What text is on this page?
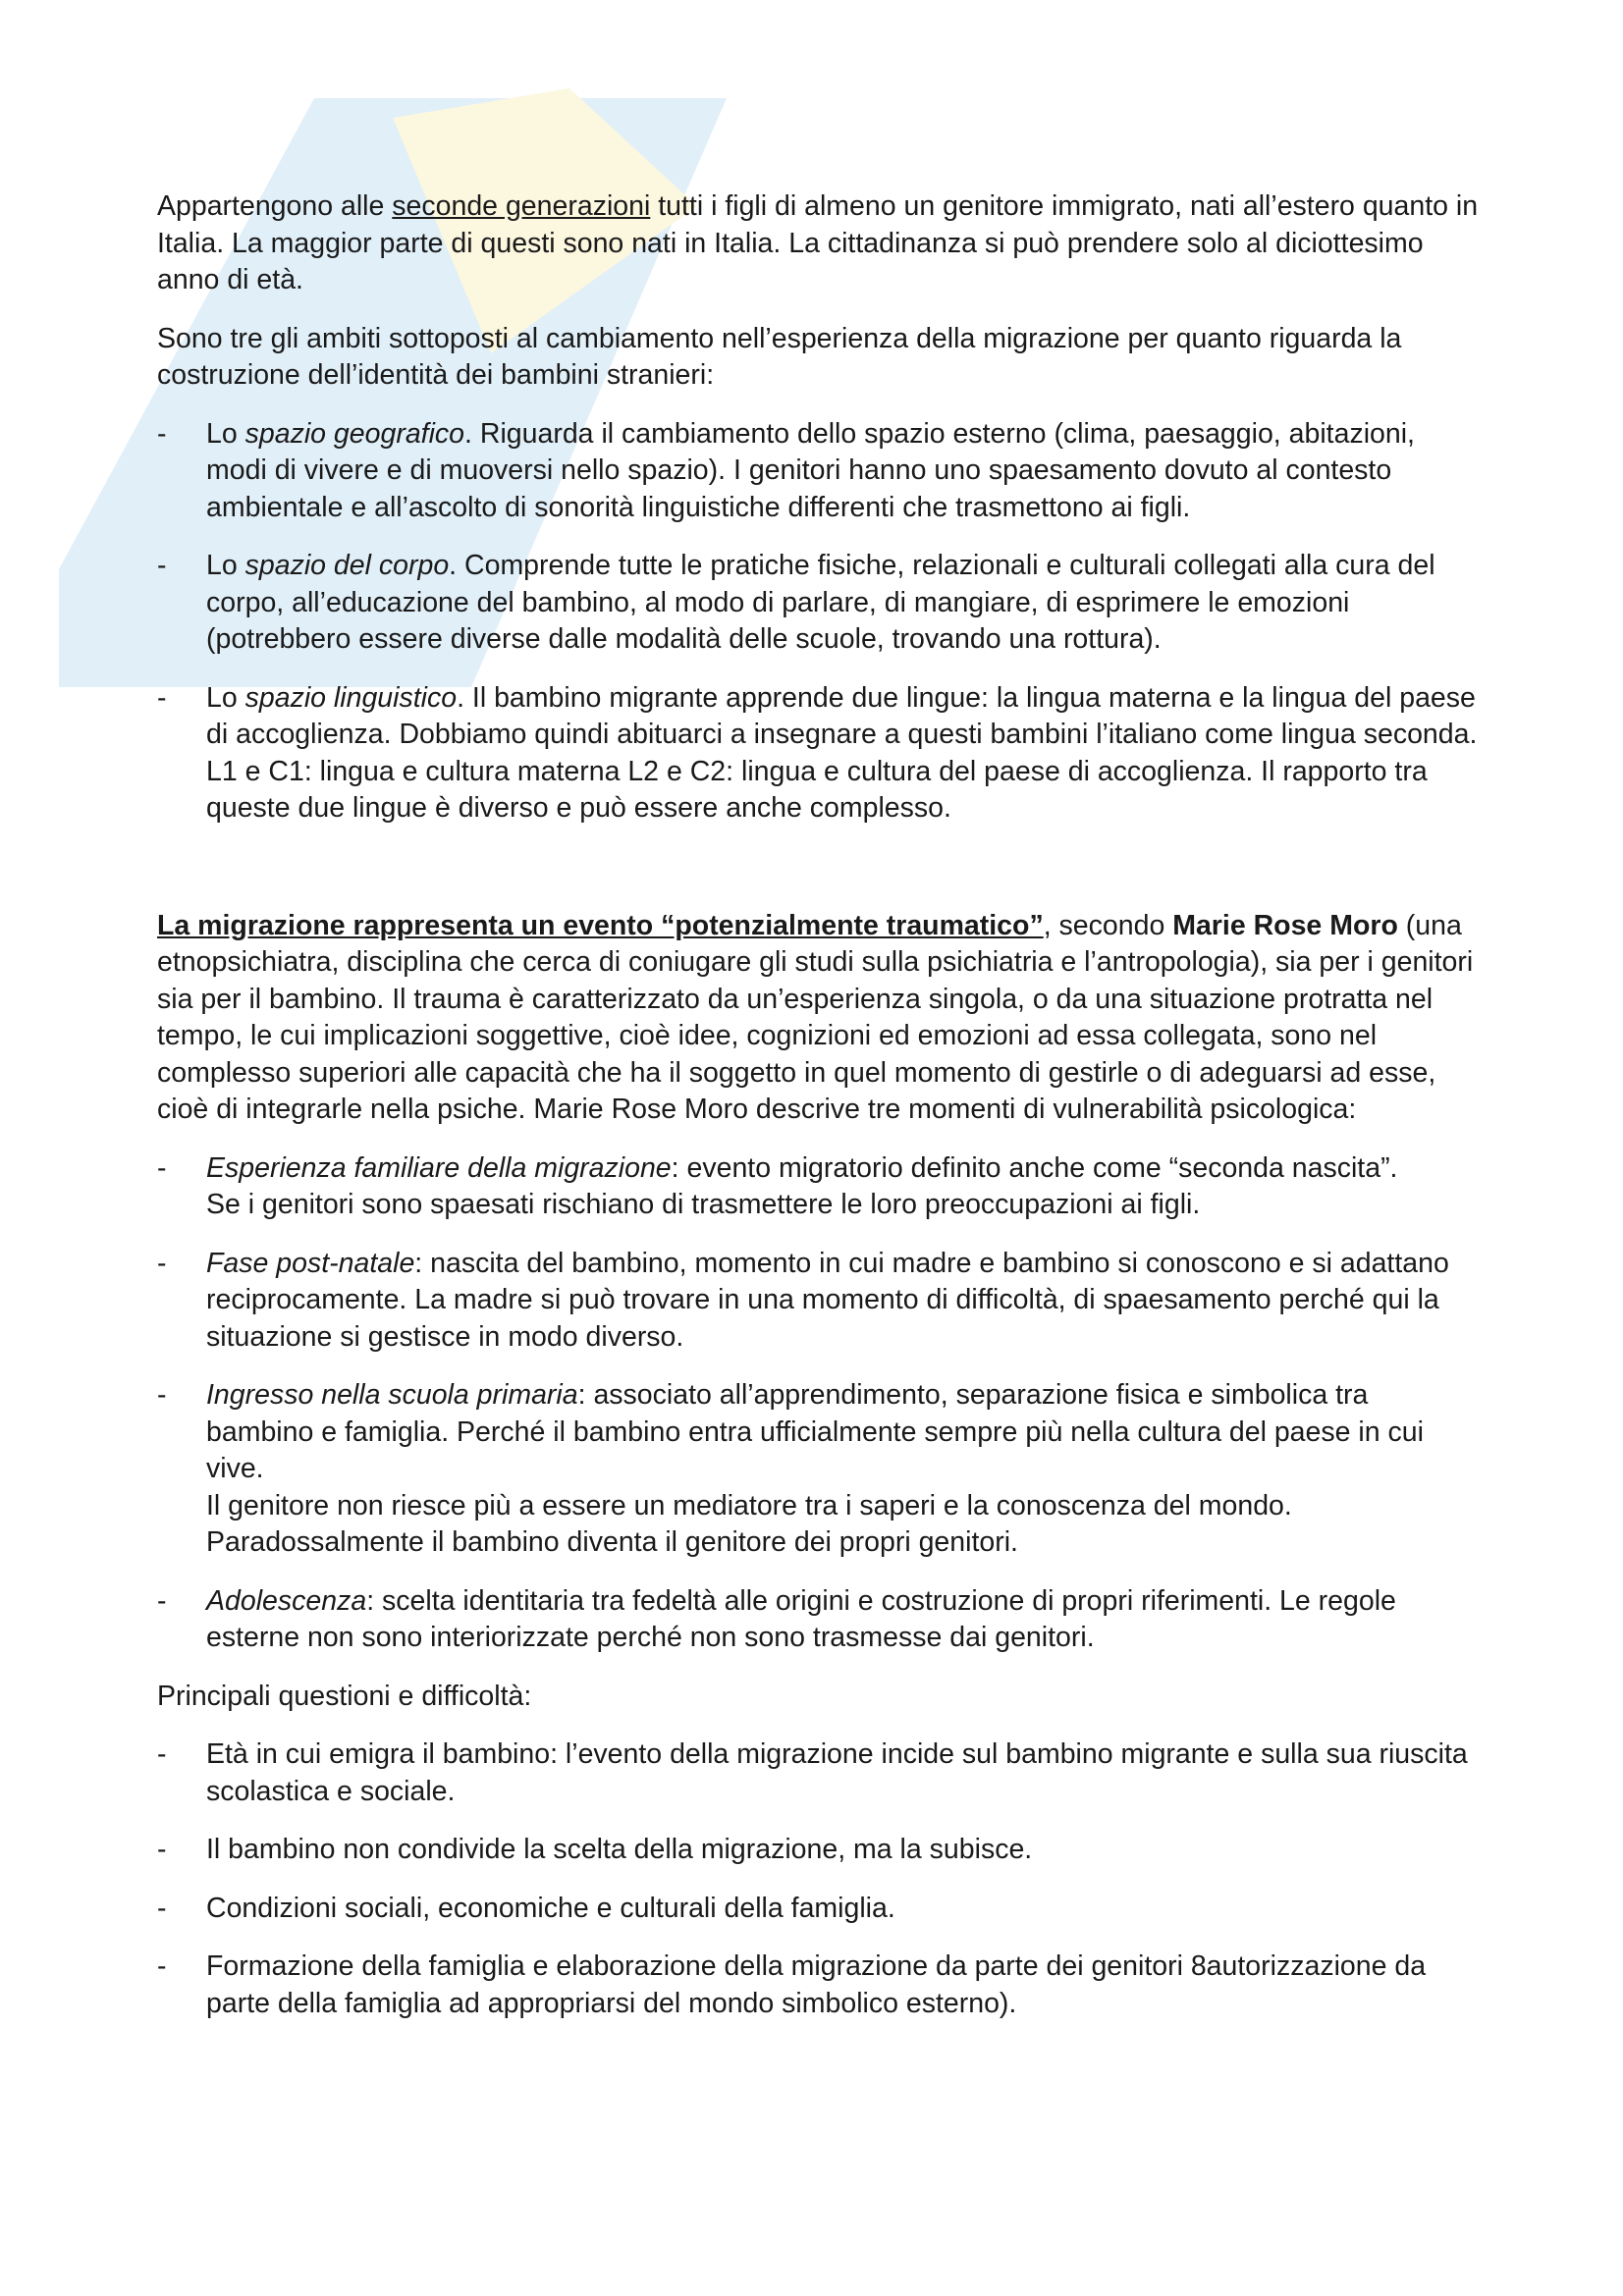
Appartengono alle seconde generazioni tutti i figli di almeno un genitore immigrato, nati all’estero quanto in Italia. La maggior parte di questi sono nati in Italia. La cittadinanza si può prendere solo al diciottesimo anno di età.

Sono tre gli ambiti sottoposti al cambiamento nell’esperienza della migrazione per quanto riguarda la costruzione dell’identità dei bambini stranieri:

- Lo spazio geografico. Riguarda il cambiamento dello spazio esterno (clima, paesaggio, abitazioni, modi di vivere e di muoversi nello spazio). I genitori hanno uno spaesamento dovuto al contesto ambientale e all’ascolto di sonorità linguistiche differenti che trasmettono ai figli.
- Lo spazio del corpo. Comprende tutte le pratiche fisiche, relazionali e culturali collegati alla cura del corpo, all’educazione del bambino, al modo di parlare, di mangiare, di esprimere le emozioni (potrebbero essere diverse dalle modalità delle scuole, trovando una rottura).
- Lo spazio linguistico. Il bambino migrante apprende due lingue: la lingua materna e la lingua del paese di accoglienza. Dobbiamo quindi abituarci a insegnare a questi bambini l’italiano come lingua seconda. L1 e C1: lingua e cultura materna L2 e C2: lingua e cultura del paese di accoglienza. Il rapporto tra queste due lingue è diverso e può essere anche complesso.

La migrazione rappresenta un evento “potenzialmente traumatico”, secondo Marie Rose Moro (una etnopsichiatra, disciplina che cerca di coniugare gli studi sulla psichiatria e l’antropologia), sia per i genitori sia per il bambino. Il trauma è caratterizzato da un’esperienza singola, o da una situazione protratta nel tempo, le cui implicazioni soggettive, cioè idee, cognizioni ed emozioni ad essa collegata, sono nel complesso superiori alle capacità che ha il soggetto in quel momento di gestirle o di adeguarsi ad esse, cioè di integrarle nella psiche. Marie Rose Moro descrive tre momenti di vulnerabilità psicologica:

- Esperienza familiare della migrazione: evento migratorio definito anche come “seconda nascita”.
Se i genitori sono spaesati rischiano di trasmettere le loro preoccupazioni ai figli.
- Fase post-natale: nascita del bambino, momento in cui madre e bambino si conoscono e si adattano reciprocamente. La madre si può trovare in una momento di difficoltà, di spaesamento perché qui la situazione si gestisce in modo diverso.
- Ingresso nella scuola primaria: associato all’apprendimento, separazione fisica e simbolica tra bambino e famiglia. Perché il bambino entra ufficialmente sempre più nella cultura del paese in cui vive.
Il genitore non riesce più a essere un mediatore tra i saperi e la conoscenza del mondo. Paradossalmente il bambino diventa il genitore dei propri genitori.
- Adolescenza: scelta identitaria tra fedeltà alle origini e costruzione di propri riferimenti. Le regole esterne non sono interiorizzate perché non sono trasmesse dai genitori.

Principali questioni e difficoltà:

- Età in cui emigra il bambino: l’evento della migrazione incide sul bambino migrante e sulla sua riuscita scolastica e sociale.
- Il bambino non condivide la scelta della migrazione, ma la subisce.
- Condizioni sociali, economiche e culturali della famiglia.
- Formazione della famiglia e elaborazione della migrazione da parte dei genitori 8autorizzazione da parte della famiglia ad appropriarsi del mondo simbolico esterno).
